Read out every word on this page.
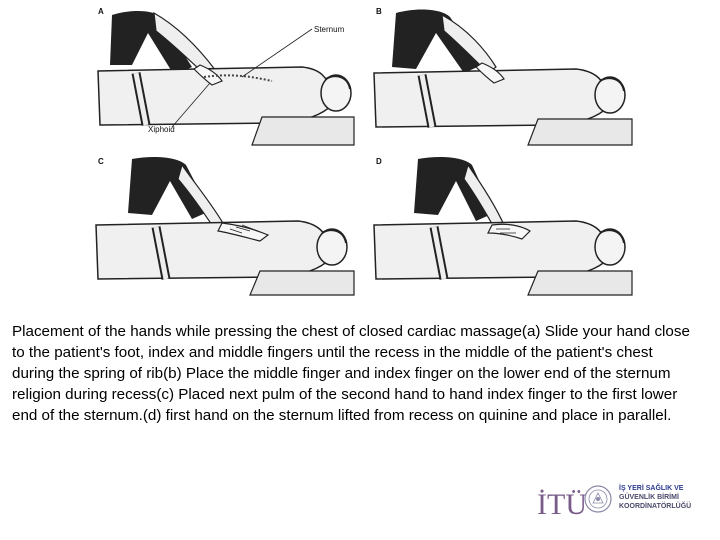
A
Sternum
Xiphoid
B
C	D
Placement of the hands while pressing the chest of closed cardiac massage(a) Slide your hand close to the patient's foot, index and middle fingers until the recess in the middle of the patient's chest during the spring of rib(b) Place the middle finger and index finger on the lower end of the sternum religion during recess(c) Placed next pulm of the second hand to hand index finger to the first lower end of the sternum.(d) first hand on the sternum lifted from recess on quinine and place in parallel.
İTÜ	İŞ YERİ SAĞLIK VE
GÜVENLİK BİRİMİ
KOORDİNATÖRLÜĞÜ
